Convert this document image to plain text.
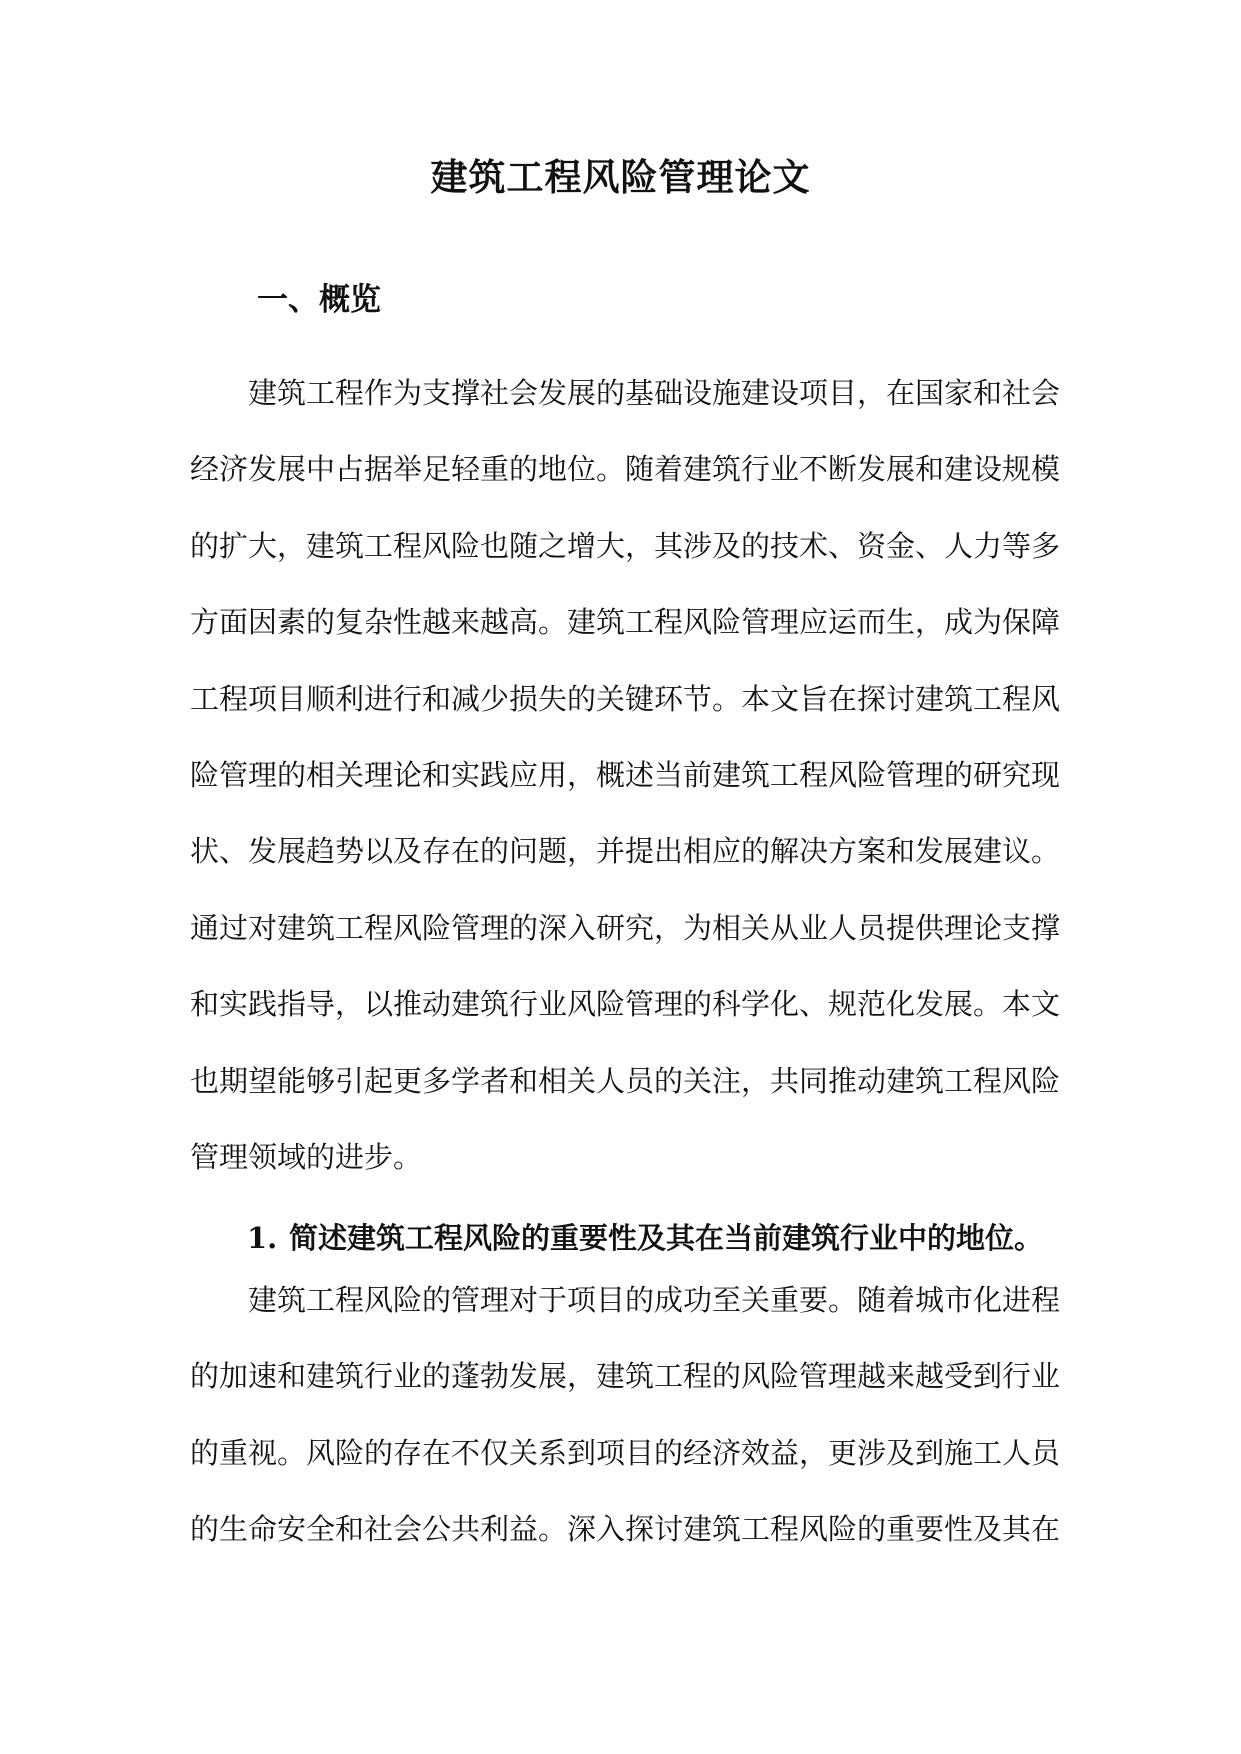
建筑工程风险管理论文
一、概览

建筑工程作为支撑社会发展的基础设施建设项目，在国家和社会
经济发展中占据举足轻重的地位。随着建筑行业不断发展和建设规模
的扩大，建筑工程风险也随之增大，其涉及的技术、资金、人力等多
方面因素的复杂性越来越高。建筑工程风险管理应运而生，成为保障
工程项目顺利进行和减少损失的关键环节。本文旨在探讨建筑工程风
险管理的相关理论和实践应用，概述当前建筑工程风险管理的研究现
状、发展趋势以及存在的问题，并提出相应的解决方案和发展建议。
通过对建筑工程风险管理的深入研究，为相关从业人员提供理论支撑
和实践指导，以推动建筑行业风险管理的科学化、规范化发展。本文
也期望能够引起更多学者和相关人员的关注，共同推动建筑工程风险
管理领域的进步。

1. 简述建筑工程风险的重要性及其在当前建筑行业中的地位。

建筑工程风险的管理对于项目的成功至关重要。随着城市化进程
的加速和建筑行业的蓬勃发展，建筑工程的风险管理越来越受到行业
的重视。风险的存在不仅关系到项目的经济效益，更涉及到施工人员
的生命安全和社会公共利益。深入探讨建筑工程风险的重要性及其在
